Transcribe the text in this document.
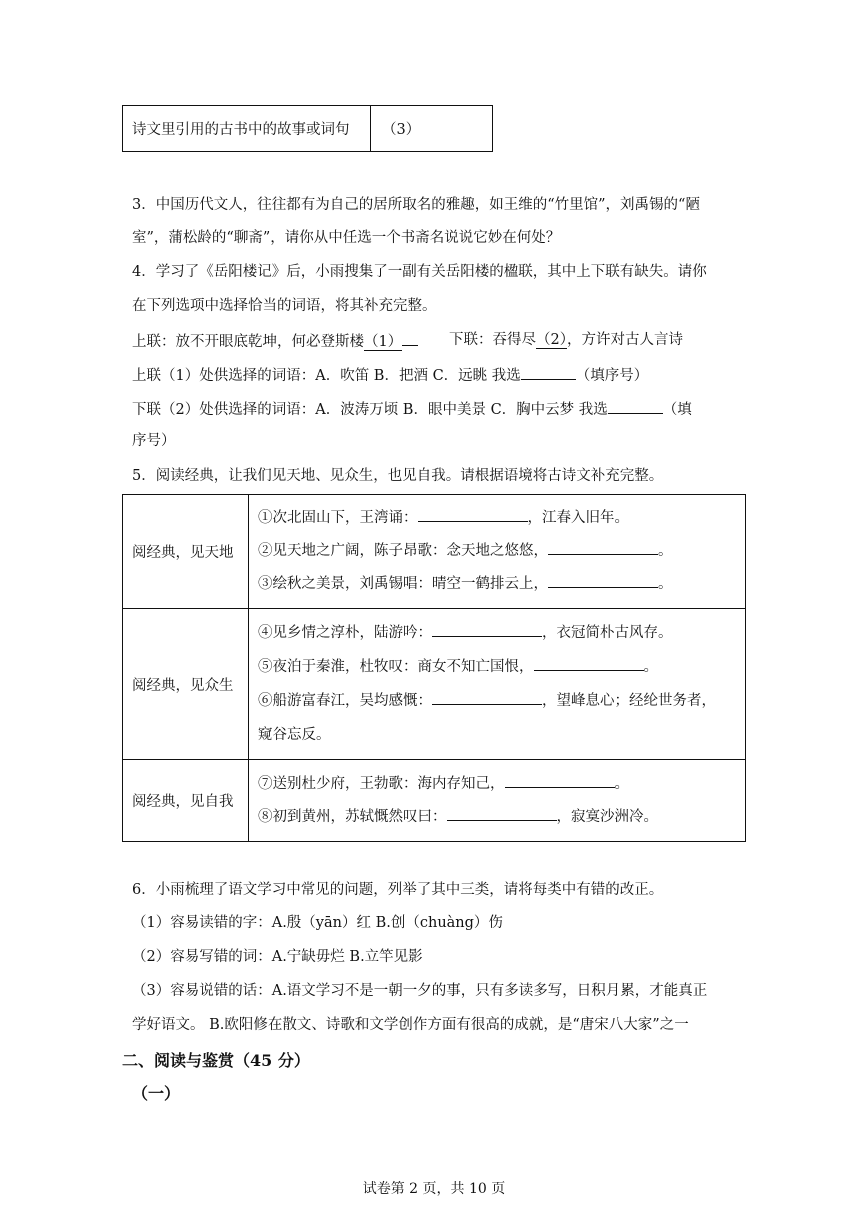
诗文里引用的古书中的故事或词句	（3）
3．中国历代文人，往往都有为自己的居所取名的雅趣，如王维的“竹里馆”，刘禹锡的“陋
室”，蒲松龄的“聊斋”，请你从中任选一个书斋名说说它妙在何处？
4．学习了《岳阳楼记》后，小雨搜集了一副有关岳阳楼的楹联，其中上下联有缺失。请你
在下列选项中选择恰当的词语，将其补充完整。
上联：放不开眼底乾坤，何必登斯楼（1）	下联：吞得尽（2），方许对古人言诗
上联（1）处供选择的词语：A．吹笛 B．把酒 C．远眺 我选	（填序号）
下联（2）处供选择的词语：A．波涛万顷 B．眼中美景 C．胸中云梦 我选	（填
序号）
5．阅读经典，让我们见天地、见众生，也见自我。请根据语境将古诗文补充完整。
阅经典，见天地	①次北固山下，王湾诵： ，江春入旧年。
②见天地之广阔，陈子昂歌：念天地之悠悠， 。
③绘秋之美景，刘禹锡唱：晴空一鹤排云上， 。

阅经典，见众生	④见乡情之淳朴，陆游吟： ，衣冠简朴古风存。
⑤夜泊于秦淮，杜牧叹：商女不知亡国恨， 。
⑥船游富春江，吴均感慨： ，望峰息心；经纶世务者，
窥谷忘反。

阅经典，见自我	⑦送别杜少府，王勃歌：海内存知己， 。
⑧初到黄州，苏轼慨然叹曰： ，寂寞沙洲冷。
6．小雨梳理了语文学习中常见的问题，列举了其中三类，请将每类中有错的改正。
（1）容易读错的字：A.殷（yān）红 B.创（chuàng）伤
（2）容易写错的词：A.宁缺毋烂 B.立竿见影
（3）容易说错的话：A.语文学习不是一朝一夕的事，只有多读多写，日积月累，才能真正
学好语文。 B.欧阳修在散文、诗歌和文学创作方面有很高的成就，是“唐宋八大家”之一
二、阅读与鉴赏（45 分）
（一）
试卷第 2 页，共 10 页
